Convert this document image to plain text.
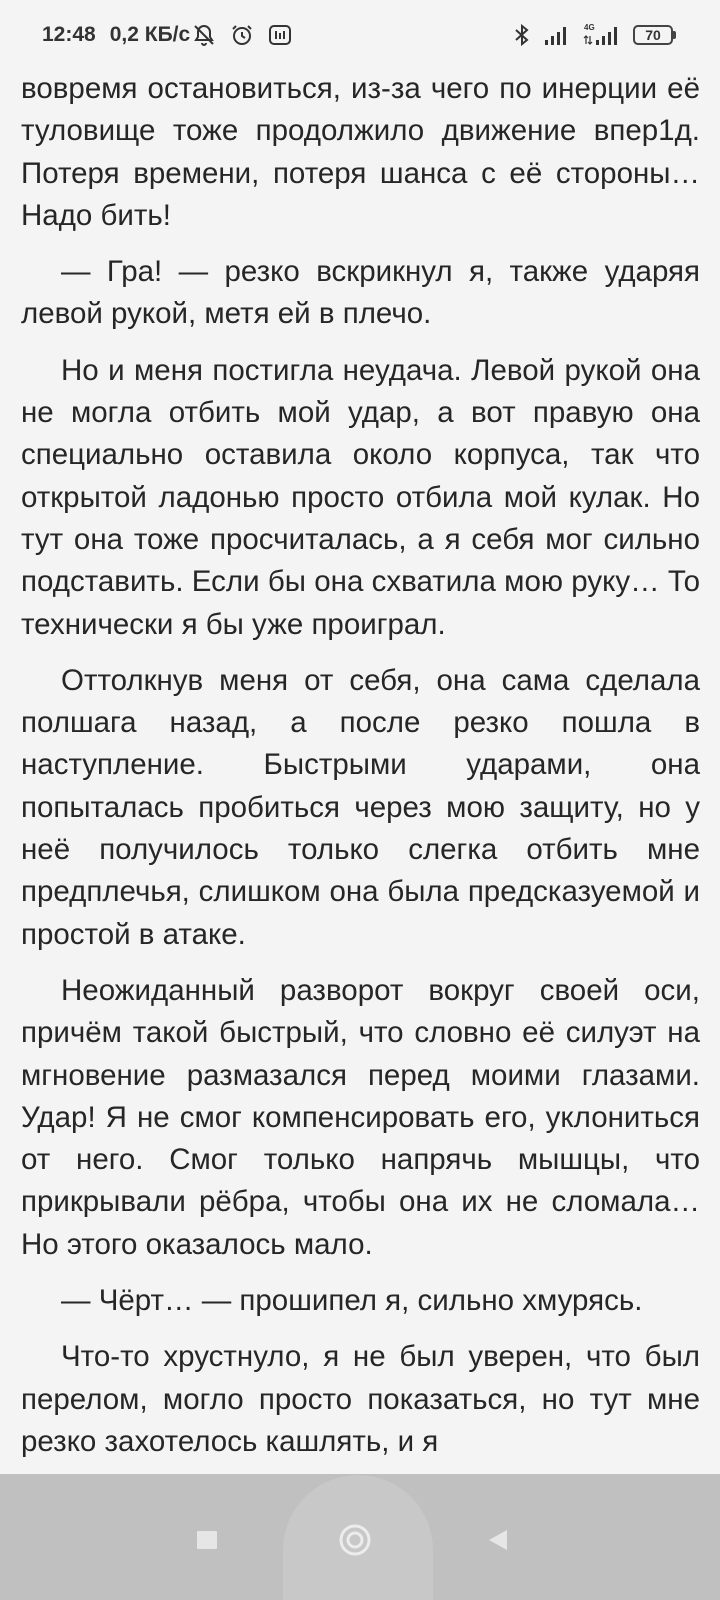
12:48 0,2 КБ/с	4G	70

вовремя остановиться, из-за чего по инерции её туловище тоже продолжило движение впер1д. Потеря времени, потеря шанса с её стороны… Надо бить!

— Гра! — резко вскрикнул я, также ударяя левой рукой, метя ей в плечо.

Но и меня постигла неудача. Левой рукой она не могла отбить мой удар, а вот правую она специально оставила около корпуса, так что открытой ладонью просто отбила мой кулак. Но тут она тоже просчиталась, а я себя мог сильно подставить. Если бы она схватила мою руку… То технически я бы уже проиграл.

Оттолкнув меня от себя, она сама сделала полшага назад, а после резко пошла в наступление. Быстрыми ударами, она попыталась пробиться через мою защиту, но у неё получилось только слегка отбить мне предплечья, слишком она была предсказуемой и простой в атаке.

Неожиданный разворот вокруг своей оси, причём такой быстрый, что словно её силуэт на мгновение размазался перед моими глазами. Удар! Я не смог компенсировать его, уклониться от него. Смог только напрячь мышцы, что прикрывали рёбра, чтобы она их не сломала… Но этого оказалось мало.

— Чёрт… — прошипел я, сильно хмурясь.

Что-то хрустнуло, я не был уверен, что был перелом, могло просто показаться, но тут мне резко захотелось кашлять, и я
